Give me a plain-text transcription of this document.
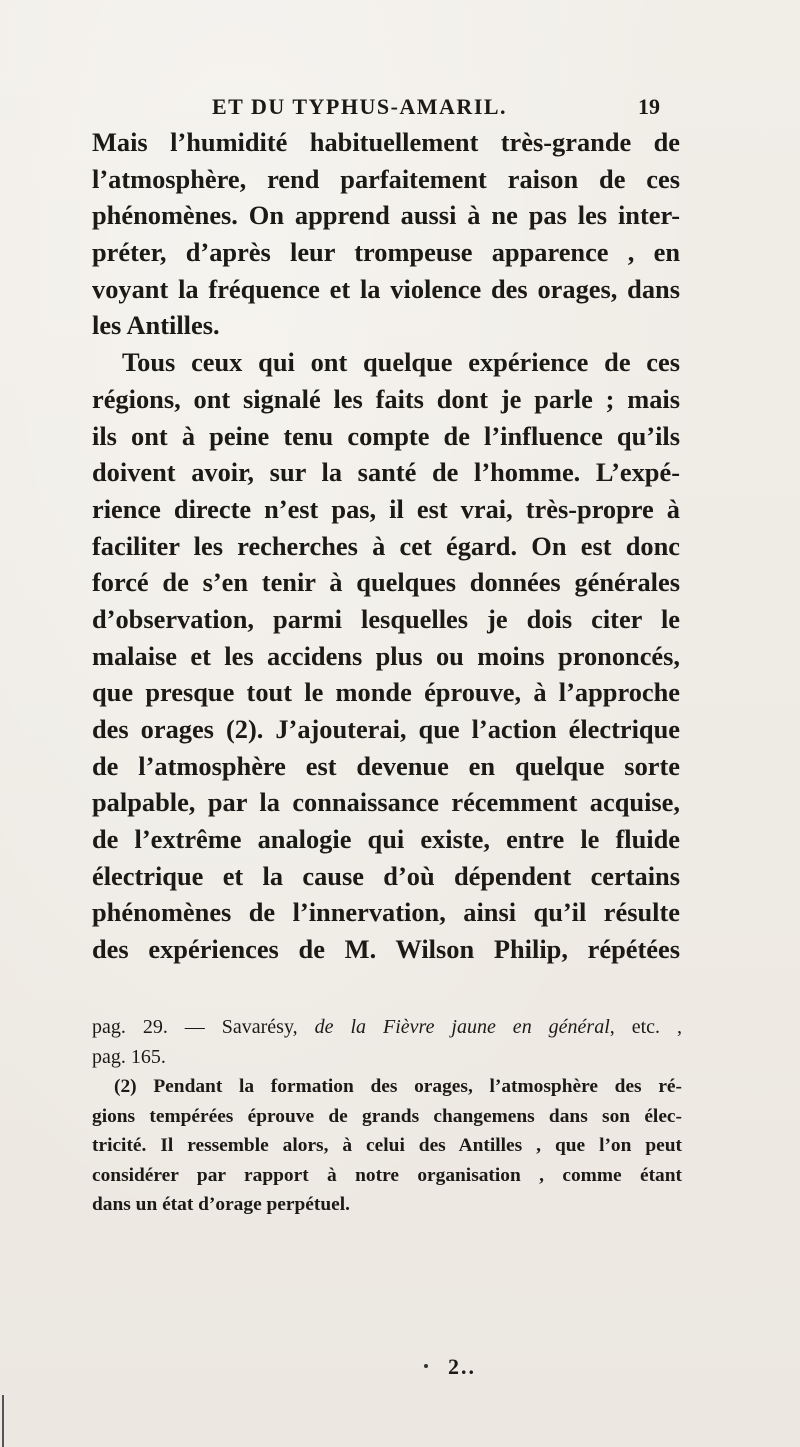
ET DU TYPHUS-AMARIL.	19
Mais l’humidité habituellement très-grande de
l’atmosphère, rend parfaitement raison de ces
phénomènes. On apprend aussi à ne pas les inter-
préter, d’après leur trompeuse apparence , en
voyant la fréquence et la violence des orages, dans
les Antilles.
Tous ceux qui ont quelque expérience de ces
régions, ont signalé les faits dont je parle ; mais
ils ont à peine tenu compte de l’influence qu’ils
doivent avoir, sur la santé de l’homme. L’expé-
rience directe n’est pas, il est vrai, très-propre à
faciliter les recherches à cet égard. On est donc
forcé de s’en tenir à quelques données générales
d’observation, parmi lesquelles je dois citer le
malaise et les accidens plus ou moins prononcés,
que presque tout le monde éprouve, à l’approche
des orages (2). J’ajouterai, que l’action électrique
de l’atmosphère est devenue en quelque sorte
palpable, par la connaissance récemment acquise,
de l’extrême analogie qui existe, entre le fluide
électrique et la cause d’où dépendent certains
phénomènes de l’innervation, ainsi qu’il résulte
des expériences de M. Wilson Philip, répétées
pag. 29. — Savarésy, de la Fièvre jaune en général, etc. ,
pag. 165.
(2) Pendant la formation des orages, l’atmosphère des ré-
gions tempérées éprouve de grands changemens dans son élec-
tricité. Il ressemble alors, à celui des Antilles , que l’on peut
considérer par rapport à notre organisation , comme étant
dans un état d’orage perpétuel.
2..
